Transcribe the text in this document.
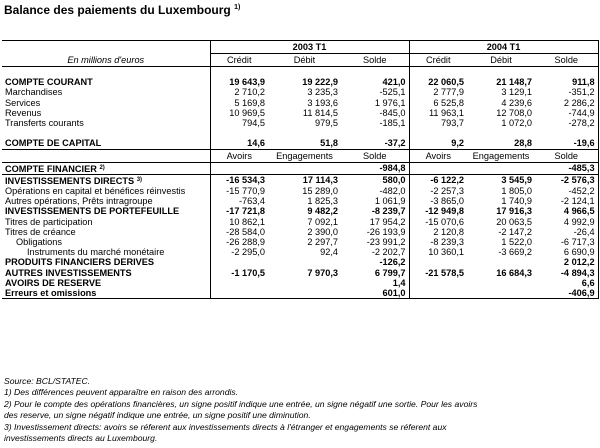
Balance des paiements du Luxembourg $^{1)}$
	2003 T1			2004 T1		
En millions d'euros	Crédit	Débit	Solde	Crédit	Débit	Solde

COMPTE COURANT	19 643,9	19 222,9	421,0	22 060,5	21 148,7	911,8
Marchandises	2 710,2	3 235,3	-525,1	2 777,9	3 129,1	-351,2
Services	5 169,8	3 193,6	1 976,1	6 525,8	4 239,6	2 286,2
Revenus	10 969,5	11 814,5	-845,0	11 963,1	12 708,0	-744,9
Transferts courants	794,5	979,5	-185,1	793,7	1 072,0	-278,2

COMPTE DE CAPITAL	14,6	51,8	-37,2	9,2	28,8	-19,6
	Avoirs	Engagements	Solde	Avoirs	Engagements	Solde
COMPTE FINANCIER $^{2)}$			-984,8			-485,3
INVESTISSEMENTS DIRECTS $^{3)}$	-16 534,3	17 114,3	580,0	-6 122,2	3 545,9	-2 576,3
Opérations en capital et bénéfices réinvestis	-15 770,9	15 289,0	-482,0	-2 257,3	1 805,0	-452,2
Autres opérations, Prêts intragroupe	-763,4	1 825,3	1 061,9	-3 865,0	1 740,9	-2 124,1
INVESTISSEMENTS DE PORTEFEUILLE	-17 721,8	9 482,2	-8 239,7	-12 949,8	17 916,3	4 966,5
Titres de participation	10 862,1	7 092,1	17 954,2	-15 070,6	20 063,5	4 992,9
Titres de créance	-28 584,0	2 390,0	-26 193,9	2 120,8	-2 147,2	-26,4
Obligations	-26 288,9	2 297,7	-23 991,2	-8 239,3	1 522,0	-6 717,3
Instruments du marché monétaire	-2 295,0	92,4	-2 202,7	10 360,1	-3 669,2	6 690,9
PRODUITS FINANCIERS DERIVES			-126,2			2 012,2
AUTRES INVESTISSEMENTS	-1 170,5	7 970,3	6 799,7	-21 578,5	16 684,3	-4 894,3
AVOIRS DE RESERVE			1,4			6,6
Erreurs et omissions			601,0			-406,9
Source: BCL/STATEC.
1) Des différences peuvent apparaître en raison des arrondis.
2) Pour le compte des opérations financières, un signe positif indique une entrée, un signe négatif une sortie. Pour les avoirs
des reserve, un signe négatif indique une entrée, un signe positif une diminution.
3) Investissement directs: avoirs se réferent aux investissements directs à l'étranger et engagements se réferent aux
investissements directs au Luxembourg.
